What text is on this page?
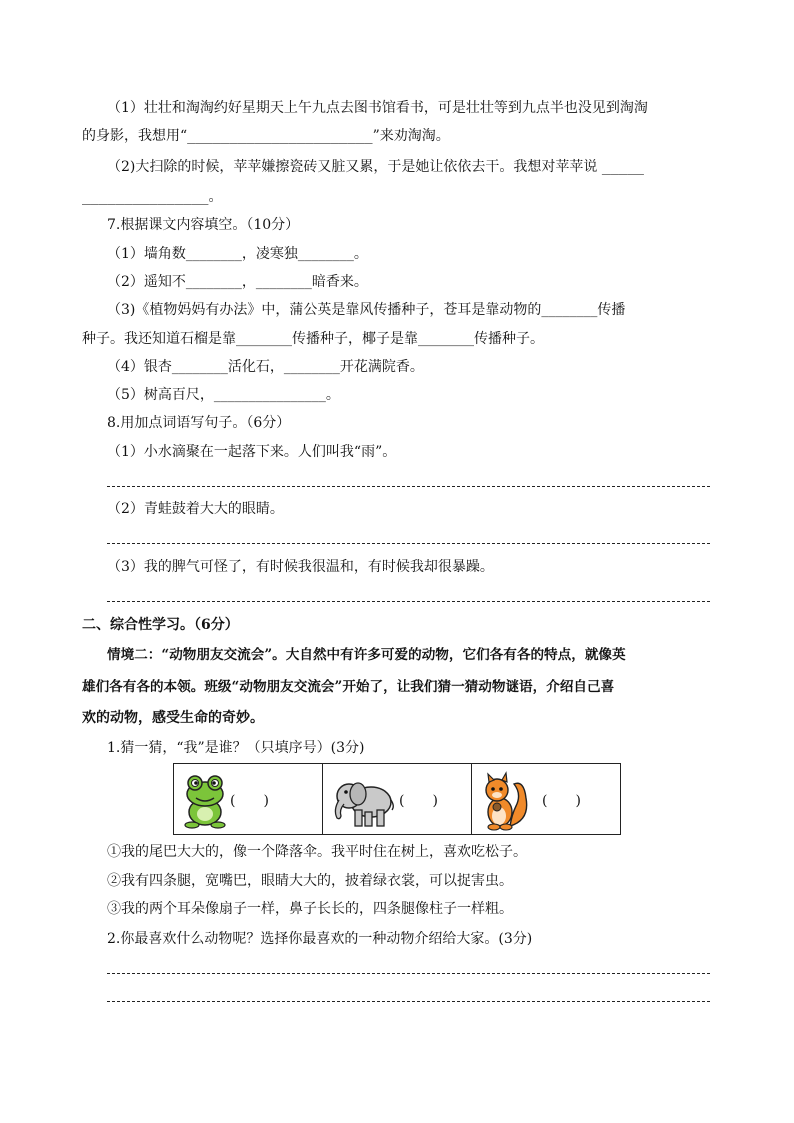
（1）壮壮和淘淘约好星期天上午九点去图书馆看书，可是壮壮等到九点半也没见到淘淘
的身影，我想用“______________________”来劝淘淘。
（2)大扫除的时候，苹苹嫌擦瓷砖又脏又累，于是她让依依去干。我想对苹苹说 _____
_______________。
7.根据课文内容填空。（10分）
（1）墙角数________，凌寒独________。
（2）遥知不________，________暗香来。
（3)《植物妈妈有办法》中，蒲公英是靠风传播种子，苍耳是靠动物的________传播
种子。我还知道石榴是靠________传播种子，椰子是靠________传播种子。
（4）银杏________活化石，________开花满院香。
（5）树高百尺，________________。
8.用加点词语写句子。（6分）
（1）小水滴聚在一起落下来。人们叫我“雨”。
（2）青蛙鼓着大大的眼睛。
（3）我的脾气可怪了，有时候我很温和，有时候我却很暴躁。
二、综合性学习。（6分）
情境二：“动物朋友交流会”。大自然中有许多可爱的动物，它们各有各的特点，就像英
雄们各有各的本领。班级“动物朋友交流会”开始了，让我们猜一猜动物谜语，介绍自己喜
欢的动物，感受生命的奇妙。
1.猜一猜，“我”是谁？（只填序号）(3分)
(　　)	(　　)	(　　)
①我的尾巴大大的，像一个降落伞。我平时住在树上，喜欢吃松子。
②我有四条腿，宽嘴巴，眼睛大大的，披着绿衣裳，可以捉害虫。
③我的两个耳朵像扇子一样，鼻子长长的，四条腿像柱子一样粗。
2.你最喜欢什么动物呢？选择你最喜欢的一种动物介绍给大家。(3分)
